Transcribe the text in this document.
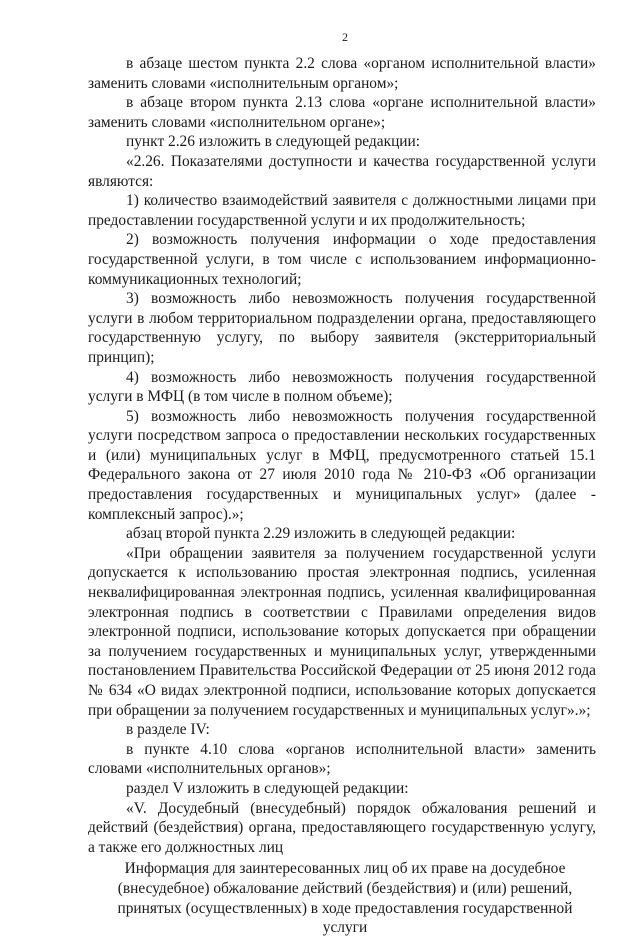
2

в абзаце шестом пункта 2.2 слова «органом исполнительной власти» заменить словами «исполнительным органом»;

в абзаце втором пункта 2.13 слова «органе исполнительной власти» заменить словами «исполнительном органе»;

пункт 2.26 изложить в следующей редакции:

«2.26. Показателями доступности и качества государственной услуги являются:

1) количество взаимодействий заявителя с должностными лицами при предоставлении государственной услуги и их продолжительность;

2) возможность получения информации о ходе предоставления государственной услуги, в том числе с использованием информационно-коммуникационных технологий;

3) возможность либо невозможность получения государственной услуги в любом территориальном подразделении органа, предоставляющего государственную услугу, по выбору заявителя (экстерриториальный принцип);

4) возможность либо невозможность получения государственной услуги в МФЦ (в том числе в полном объеме);

5) возможность либо невозможность получения государственной услуги посредством запроса о предоставлении нескольких государственных и (или) муниципальных услуг в МФЦ, предусмотренного статьей 15.1 Федерального закона от 27 июля 2010 года № 210-ФЗ «Об организации предоставления государственных и муниципальных услуг» (далее - комплексный запрос).»;

абзац второй пункта 2.29 изложить в следующей редакции:

«При обращении заявителя за получением государственной услуги допускается к использованию простая электронная подпись, усиленная неквалифицированная электронная подпись, усиленная квалифицированная электронная подпись в соответствии с Правилами определения видов электронной подписи, использование которых допускается при обращении за получением государственных и муниципальных услуг, утвержденными постановлением Правительства Российской Федерации от 25 июня 2012 года № 634 «О видах электронной подписи, использование которых допускается при обращении за получением государственных и муниципальных услуг».»;

в разделе IV:

в пункте 4.10 слова «органов исполнительной власти» заменить словами «исполнительных органов»;

раздел V изложить в следующей редакции:

«V. Досудебный (внесудебный) порядок обжалования решений и действий (бездействия) органа, предоставляющего государственную услугу, а также его должностных лиц

Информация для заинтересованных лиц об их праве на досудебное (внесудебное) обжалование действий (бездействия) и (или) решений, принятых (осуществленных) в ходе предоставления государственной услуги
